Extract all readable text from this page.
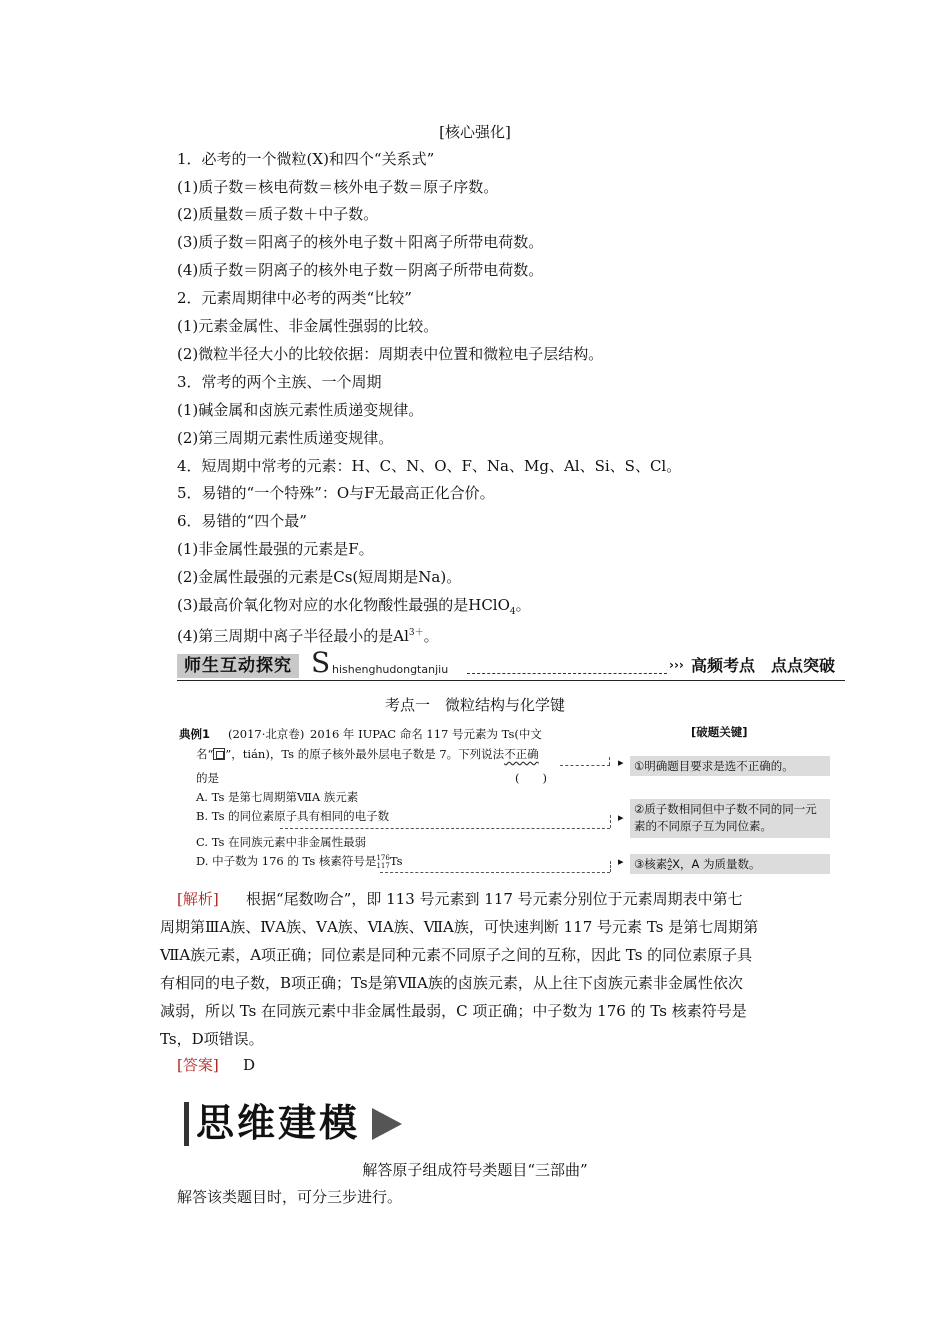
[核心强化]
1．必考的一个微粒(X)和四个“关系式”
(1)质子数＝核电荷数＝核外电子数＝原子序数。
(2)质量数＝质子数＋中子数。
(3)质子数＝阳离子的核外电子数＋阳离子所带电荷数。
(4)质子数＝阴离子的核外电子数－阴离子所带电荷数。
2．元素周期律中必考的两类“比较”
(1)元素金属性、非金属性强弱的比较。
(2)微粒半径大小的比较依据：周期表中位置和微粒电子层结构。
3．常考的两个主族、一个周期
(1)碱金属和卤族元素性质递变规律。
(2)第三周期元素性质递变规律。
4．短周期中常考的元素：H、C、N、O、F、Na、Mg、Al、Si、S、Cl。
5．易错的“一个特殊”：O与F无最高正化合价。
6．易错的“四个最”
(1)非金属性最强的元素是F。
(2)金属性最强的元素是Cs(短周期是Na)。
(3)最高价氧化物对应的水化物酸性最强的是HClO$_4$。
(4)第三周期中离子半径最小的是$Al^{3+}$。
师生互动探究 S hishenghudongtanjiu	››› 高频考点　点点突破
考点一　微粒结构与化学键
典例1 (2017·北京卷) 2016 年 IUPAC 命名 117 号元素为 Ts(中文	[破题关键]
名“ ”，tián)，Ts 的原子核外最外层电子数是 7。下列说法不正确
的是	(　　)
A. Ts 是第七周期第ⅦA 族元素
B. Ts 的同位素原子具有相同的电子数
C. Ts 在同族元素中非金属性最弱
D. 中子数为 176 的 Ts 核素符号是 176
117 Ts
▸
▸
▸
①明确题目要求是选不正确的。
②质子数相同但中子数不同的同一元素的不同原子互为同位素。
③核素 A
Z X，A 为质量数。
[解析] 根据“尾数吻合”，即 113 号元素到 117 号元素分别位于元素周期表中第七
周期第ⅢA族、ⅣA族、ⅤA族、ⅥA族、ⅦA族，可快速判断 117 号元素 Ts 是第七周期第
ⅦA族元素，A项正确；同位素是同种元素不同原子之间的互称，因此 Ts 的同位素原子具
有相同的电子数，B项正确；Ts是第ⅦA族的卤族元素，从上往下卤族元素非金属性依次
减弱，所以 Ts 在同族元素中非金属性最弱，C 项正确；中子数为 176 的 Ts 核素符号是
Ts，D项错误。
[答案] D
思维建模
解答原子组成符号类题目“三部曲”
解答该类题目时，可分三步进行。
